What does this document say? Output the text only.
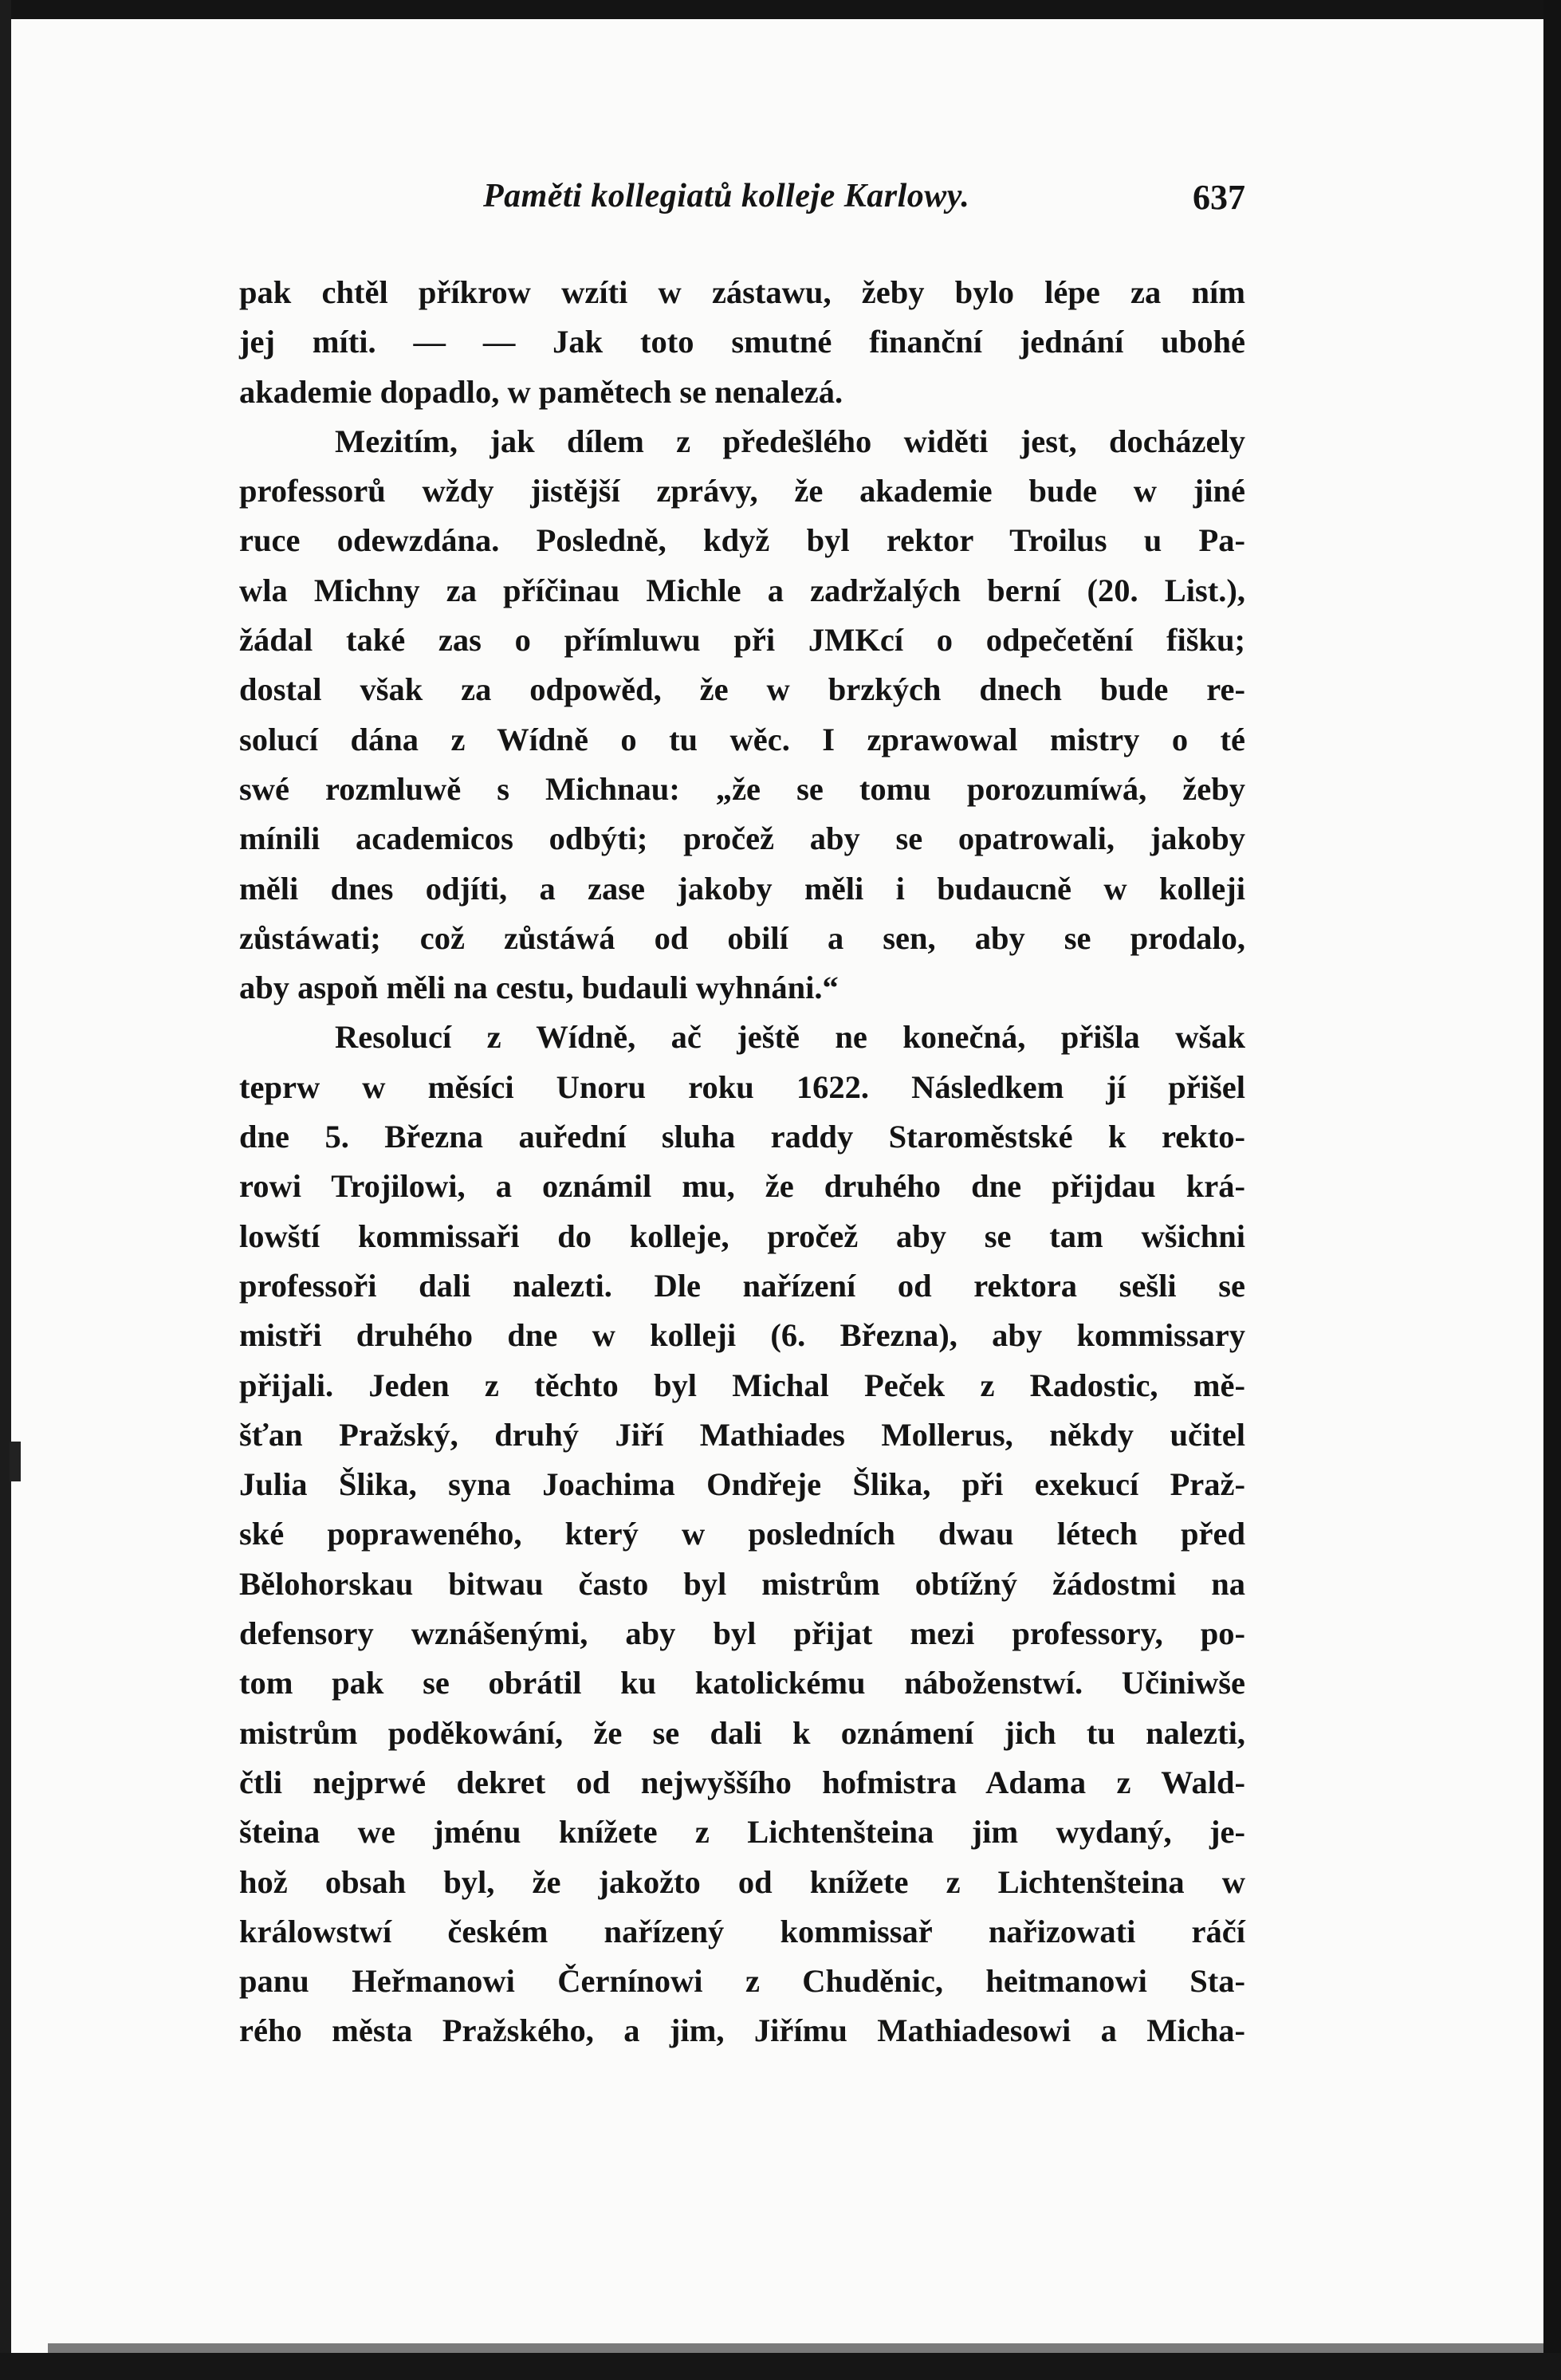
Paměti kollegiatů kolleje Karlowy.	637
pak chtěl příkrow wzíti w zástawu, žeby bylo lépe za ním
jej míti. — — Jak toto smutné finanční jednání ubohé
akademie dopadlo, w pamětech se nenalezá.
Mezitím, jak dílem z předešlého widěti jest, docházely
professorů wždy jistější zprávy, že akademie bude w jiné
ruce odewzdána. Posledně, když byl rektor Troilus u Pa-
wla Michny za příčinau Michle a zadržalých berní (20. List.),
žádal také zas o přímluwu při JMKcí o odpečetění fišku;
dostal však za odpowěd, že w brzkých dnech bude re-
solucí dána z Wídně o tu wěc. I zprawowal mistry o té
swé rozmluwě s Michnau: „že se tomu porozumíwá, žeby
mínili academicos odbýti; pročež aby se opatrowali, jakoby
měli dnes odjíti, a zase jakoby měli i budaucně w kolleji
zůstáwati; což zůstáwá od obilí a sen, aby se prodalo,
aby aspoň měli na cestu, budauli wyhnáni.“
Resolucí z Wídně, ač ještě ne konečná, přišla wšak
teprw w měsíci Unoru roku 1622. Následkem jí přišel
dne 5. Března auřední sluha raddy Staroměstské k rekto-
rowi Trojilowi, a oznámil mu, že druhého dne přijdau krá-
lowští kommissaři do kolleje, pročež aby se tam wšichni
professoři dali nalezti. Dle nařízení od rektora sešli se
mistři druhého dne w kolleji (6. Března), aby kommissary
přijali. Jeden z těchto byl Michal Peček z Radostic, mě-
šťan Pražský, druhý Jiří Mathiades Mollerus, někdy učitel
Julia Šlika, syna Joachima Ondřeje Šlika, při exekucí Praž-
ské popraweného, který w posledních dwau létech před
Bělohorskau bitwau často byl mistrům obtížný žádostmi na
defensory wznášenými, aby byl přijat mezi professory, po-
tom pak se obrátil ku katolickému náboženstwí. Učiniwše
mistrům poděkowání, že se dali k oznámení jich tu nalezti,
čtli nejprwé dekret od nejwyššího hofmistra Adama z Wald-
šteina we jménu knížete z Lichtenšteina jim wydaný, je-
hož obsah byl, že jakožto od knížete z Lichtenšteina w
králowstwí českém nařízený kommissař nařizowati ráčí
panu Heřmanowi Černínowi z Chuděnic, heitmanowi Sta-
rého města Pražského, a jim, Jiřímu Mathiadesowi a Micha-
